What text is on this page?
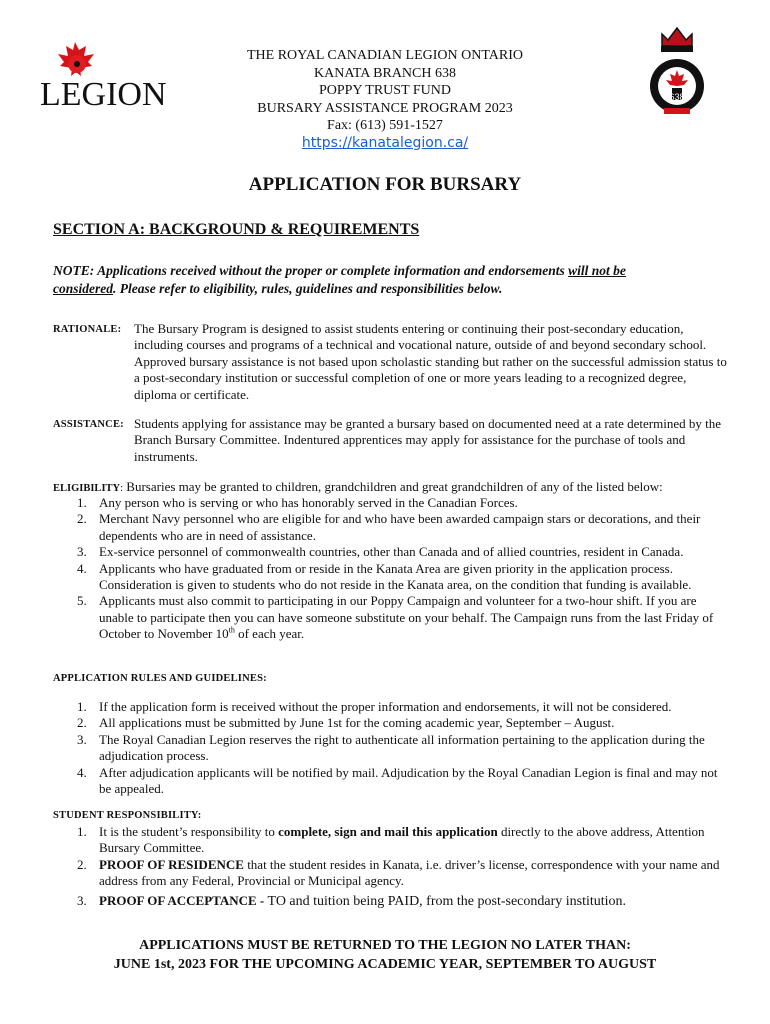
LEGION	638
THE ROYAL CANADIAN LEGION ONTARIO
KANATA BRANCH 638
POPPY TRUST FUND
BURSARY ASSISTANCE PROGRAM 2023
Fax: (613) 591-1527
https://kanatalegion.ca/
APPLICATION FOR BURSARY
SECTION A: BACKGROUND & REQUIREMENTS
NOTE: Applications received without the proper or complete information and endorsements will not be
considered. Please refer to eligibility, rules, guidelines and responsibilities below.
RATIONALE: The Bursary Program is designed to assist students entering or continuing their post-secondary education, including courses and programs of a technical and vocational nature, outside of and beyond secondary school. Approved bursary assistance is not based upon scholastic standing but rather on the successful admission status to a post-secondary institution or successful completion of one or more years leading to a recognized degree, diploma or certificate.
ASSISTANCE: Students applying for assistance may be granted a bursary based on documented need at a rate determined by the Branch Bursary Committee. Indentured apprentices may apply for assistance for the purchase of tools and instruments.
ELIGIBILITY: Bursaries may be granted to children, grandchildren and great grandchildren of any of the listed below:
1. Any person who is serving or who has honorably served in the Canadian Forces.
2. Merchant Navy personnel who are eligible for and who have been awarded campaign stars or decorations, and their dependents who are in need of assistance.
3. Ex-service personnel of commonwealth countries, other than Canada and of allied countries, resident in Canada.
4. Applicants who have graduated from or reside in the Kanata Area are given priority in the application process. Consideration is given to students who do not reside in the Kanata area, on the condition that funding is available.
5. Applicants must also commit to participating in our Poppy Campaign and volunteer for a two-hour shift. If you are unable to participate then you can have someone substitute on your behalf. The Campaign runs from the last Friday of October to November 10th of each year.
APPLICATION RULES AND GUIDELINES:
1. If the application form is received without the proper information and endorsements, it will not be considered.
2. All applications must be submitted by June 1st for the coming academic year, September – August.
3. The Royal Canadian Legion reserves the right to authenticate all information pertaining to the application during the adjudication process.
4. After adjudication applicants will be notified by mail. Adjudication by the Royal Canadian Legion is final and may not be appealed.
STUDENT RESPONSIBILITY:
1. It is the student’s responsibility to complete, sign and mail this application directly to the above address, Attention Bursary Committee.
2. PROOF OF RESIDENCE that the student resides in Kanata, i.e. driver’s license, correspondence with your name and address from any Federal, Provincial or Municipal agency.
3. PROOF OF ACCEPTANCE - TO and tuition being PAID, from the post-secondary institution.
APPLICATIONS MUST BE RETURNED TO THE LEGION NO LATER THAN:
JUNE 1st, 2023 FOR THE UPCOMING ACADEMIC YEAR, SEPTEMBER TO AUGUST
